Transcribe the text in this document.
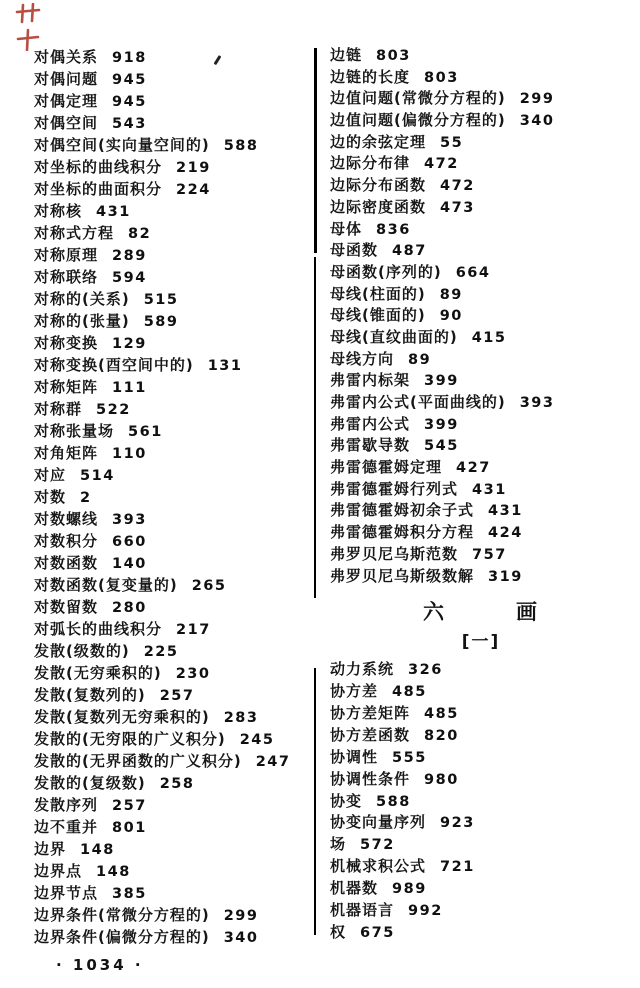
对偶关系 918
对偶问题 945
对偶定理 945
对偶空间 543
对偶空间(实向量空间的) 588
对坐标的曲线积分 219
对坐标的曲面积分 224
对称核 431
对称式方程 82
对称原理 289
对称联络 594
对称的(关系) 515
对称的(张量) 589
对称变换 129
对称变换(酉空间中的) 131
对称矩阵 111
对称群 522
对称张量场 561
对角矩阵 110
对应 514
对数 2
对数螺线 393
对数积分 660
对数函数 140
对数函数(复变量的) 265
对数留数 280
对弧长的曲线积分 217
发散(级数的) 225
发散(无穷乘积的) 230
发散(复数列的) 257
发散(复数列无穷乘积的) 283
发散的(无穷限的广义积分) 245
发散的(无界函数的广义积分) 247
发散的(复级数) 258
发散序列 257
边不重并 801
边界 148
边界点 148
边界节点 385
边界条件(常微分方程的) 299
边界条件(偏微分方程的) 340
边链 803
边链的长度 803
边值问题(常微分方程的) 299
边值问题(偏微分方程的) 340
边的余弦定理 55
边际分布律 472
边际分布函数 472
边际密度函数 473
母体 836
母函数 487
母函数(序列的) 664
母线(柱面的) 89
母线(锥面的) 90
母线(直纹曲面的) 415
母线方向 89
弗雷内标架 399
弗雷内公式(平面曲线的) 393
弗雷内公式 399
弗雷歇导数 545
弗雷德霍姆定理 427
弗雷德霍姆行列式 431
弗雷德霍姆初余子式 431
弗雷德霍姆积分方程 424
弗罗贝尼乌斯范数 757
弗罗贝尼乌斯级数解 319
六	画
[一]
动力系统 326
协方差 485
协方差矩阵 485
协方差函数 820
协调性 555
协调性条件 980
协变 588
协变向量序列 923
场 572
机械求积公式 721
机器数 989
机器语言 992
权 675
· 1034 ·
